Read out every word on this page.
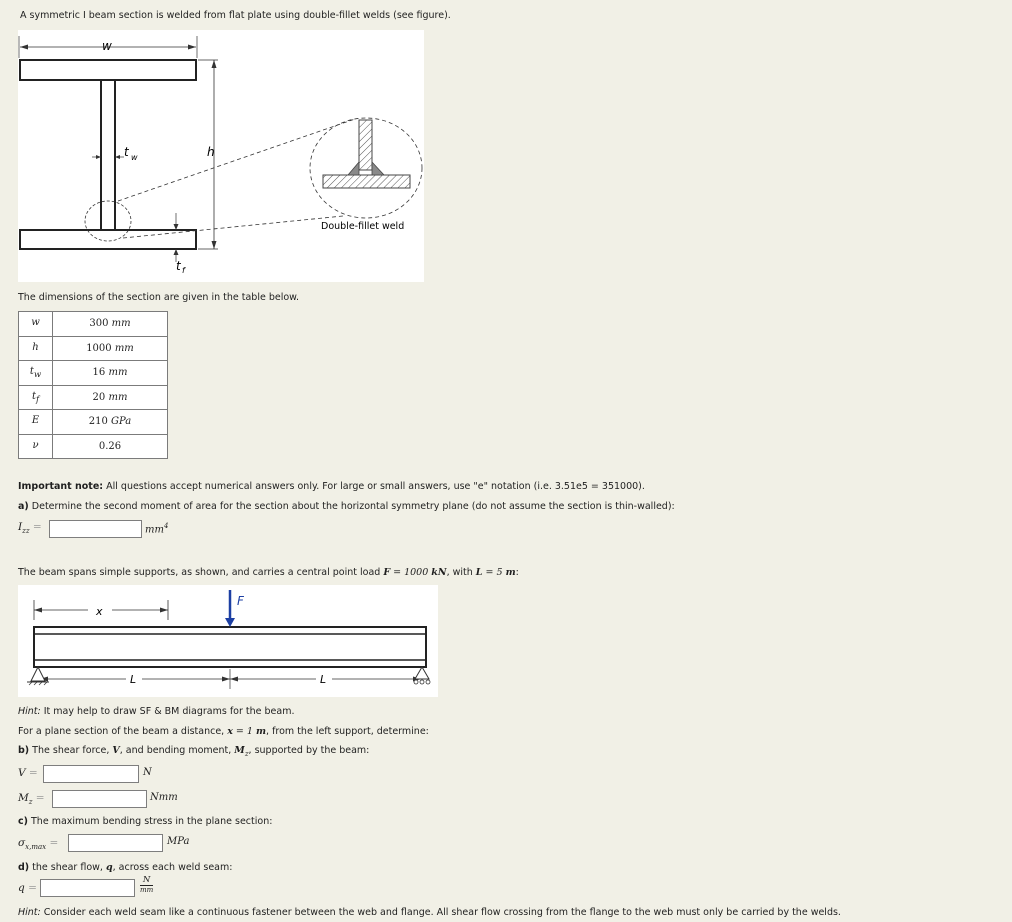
A symmetric I beam section is welded from flat plate using double-fillet welds (see figure).
w
t w	h
t f
Double-fillet weld
The dimensions of the section are given in the table below.
w	300 mm
h	1000 mm
$t_w$	16 mm
$t_f$	20 mm
E	210 GPa
ν	0.26
Important note: All questions accept numerical answers only. For large or small answers, use "e" notation (i.e. 3.51e5 = 351000).
a) Determine the second moment of area for the section about the horizontal symmetry plane (do not assume the section is thin-walled):
$I_{zz}$ =	$mm^4$
The beam spans simple supports, as shown, and carries a central point load F = 1000 kN, with L = 5 m:
x
F
L	L
Hint: It may help to draw SF & BM diagrams for the beam.
For a plane section of the beam a distance, x = 1 m, from the left support, determine:
b) The shear force, V, and bending moment, $M_z$, supported by the beam:
V =	N
$M_z$ =	Nmm
c) The maximum bending stress in the plane section:
$\sigma_{x,max}$ =	MPa
d) the shear flow, q, across each weld seam:
q =
N
mm
Hint: Consider each weld seam like a continuous fastener between the web and flange. All shear flow crossing from the flange to the web must only be carried by the welds.
